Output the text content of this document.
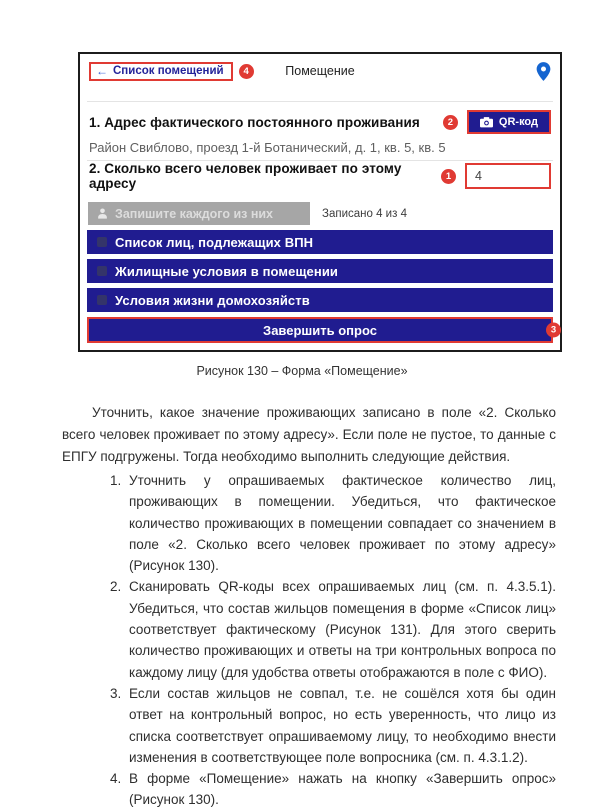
Помещение
← Список помещений	4
1. Адрес фактического постоянного проживания	2	QR-код
Район Свиблово, проезд 1-й Ботанический, д. 1, кв. 5, кв. 5
2. Сколько всего человек проживает по этому адресу	1	4
Запишите каждого из них	Записано 4 из 4
Список лиц, подлежащих ВПН
Жилищные условия в помещении
Условия жизни домохозяйств
Завершить опрос	3
Рисунок 130 – Форма «Помещение»

Уточнить, какое значение проживающих записано в поле «2. Сколько всего человек проживает по этому адресу». Если поле не пустое, то данные с ЕПГУ подгружены. Тогда необходимо выполнить следующие действия.

1. Уточнить у опрашиваемых фактическое количество лиц, проживающих в помещении. Убедиться, что фактическое количество проживающих в помещении совпадает со значением в поле «2. Сколько всего человек проживает по этому адресу» (Рисунок 130).
2. Сканировать QR-коды всех опрашиваемых лиц (см. п. 4.3.5.1). Убедиться, что состав жильцов помещения в форме «Список лиц» соответствует фактическому (Рисунок 131). Для этого сверить количество проживающих и ответы на три контрольных вопроса по каждому лицу (для удобства ответы отображаются в поле с ФИО).
3. Если состав жильцов не совпал, т.е. не сошёлся хотя бы один ответ на контрольный вопрос, но есть уверенность, что лицо из списка соответствует опрашиваемому лицу, то необходимо внести изменения в соответствующее поле вопросника (см. п. 4.3.1.2).
4. В форме «Помещение» нажать на кнопку «Завершить опрос» (Рисунок 130).
